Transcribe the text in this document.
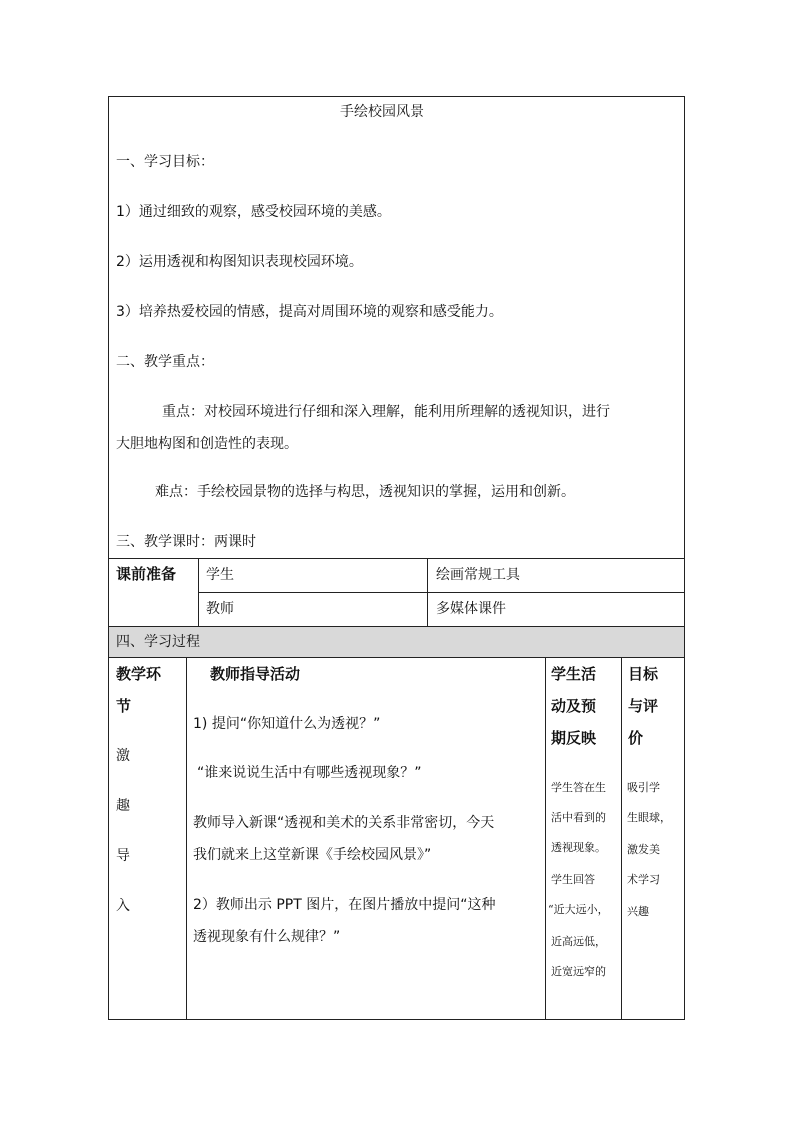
手绘校园风景
一、学习目标：
1）通过细致的观察，感受校园环境的美感。
2）运用透视和构图知识表现校园环境。
3）培养热爱校园的情感，提高对周围环境的观察和感受能力。
二、教学重点：
重点：对校园环境进行仔细和深入理解，能利用所理解的透视知识，进行
大胆地构图和创造性的表现。
难点：手绘校园景物的选择与构思，透视知识的掌握，运用和创新。
三、教学课时：两课时
课前准备 学生	绘画常规工具
教师	多媒体课件
四、学习过程
教学环
节
激
趣
导
入
教师指导活动
1) 提问“你知道什么为透视？”
“谁来说说生活中有哪些透视现象？”
教师导入新课“透视和美术的关系非常密切，今天
我们就来上这堂新课《手绘校园风景》”
2）教师出示 PPT 图片，在图片播放中提问“这种
透视现象有什么规律？”
学生活
动及预
期反映
学生答在生
活中看到的
透视现象。
学生回答
“近大远小，
近高远低，
近宽远窄的
目标
与评
价
吸引学
生眼球，
激发美
术学习
兴趣
